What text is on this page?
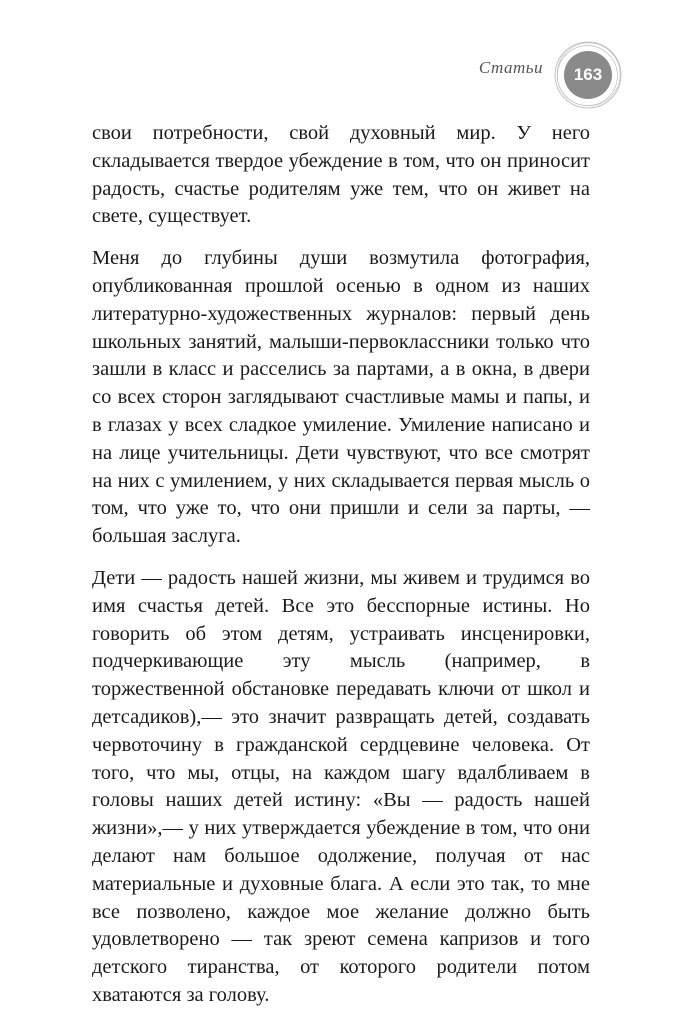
Статьи	163

свои потребности, свой духовный мир. У него складывается твердое убеждение в том, что он приносит радость, счастье родителям уже тем, что он живет на свете, существует.

Меня до глубины души возмутила фотография, опубликованная прошлой осенью в одном из наших литературно-художественных журналов: первый день школьных занятий, малыши-первоклассники только что зашли в класс и расселись за партами, а в окна, в двери со всех сторон заглядывают счастливые мамы и папы, и в глазах у всех сладкое умиление. Умиление написано и на лице учительницы. Дети чувствуют, что все смотрят на них с умилением, у них складывается первая мысль о том, что уже то, что они пришли и сели за парты, — большая заслуга.

Дети — радость нашей жизни, мы живем и трудимся во имя счастья детей. Все это бесспорные истины. Но говорить об этом детям, устраивать инсценировки, подчеркивающие эту мысль (например, в торжественной обстановке передавать ключи от школ и детсадиков),— это значит развращать детей, создавать червоточину в гражданской сердцевине человека. От того, что мы, отцы, на каждом шагу вдалбливаем в головы наших детей истину: «Вы — радость нашей жизни»,— у них утверждается убеждение в том, что они делают нам большое одолжение, получая от нас материальные и духовные блага. А если это так, то мне все позволено, каждое мое желание должно быть удовлетворено — так зреют семена капризов и того детского тиранства, от которого родители потом хватаются за голову.
